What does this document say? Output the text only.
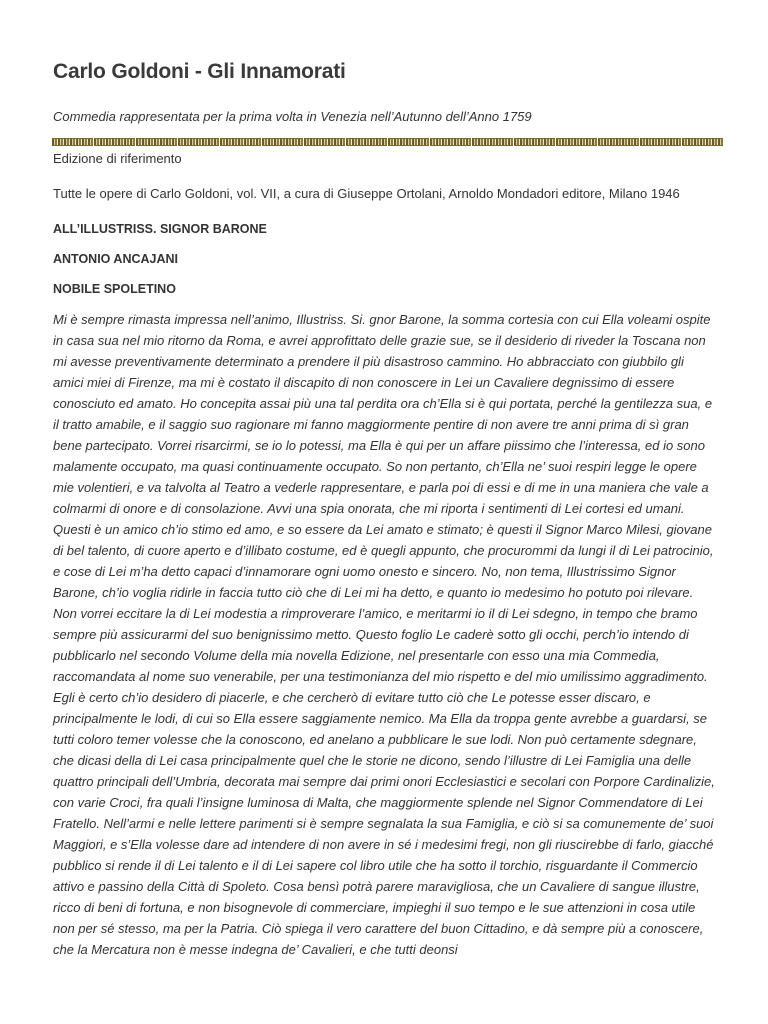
Carlo Goldoni - Gli Innamorati

Commedia rappresentata per la prima volta in Venezia nell’Autunno dell’Anno 1759

Edizione di riferimento

Tutte le opere di Carlo Goldoni, vol. VII, a cura di Giuseppe Ortolani, Arnoldo Mondadori editore, Milano 1946

ALL’ILLUSTRISS. SIGNOR BARONE

ANTONIO ANCAJANI

NOBILE SPOLETINO

Mi è sempre rimasta impressa nell’animo, Illustriss. Si. gnor Barone, la somma cortesia con cui Ella voleami ospite in casa sua nel mio ritorno da Roma, e avrei approfittato delle grazie sue, se il desiderio di riveder la Toscana non mi avesse preventivamente determinato a prendere il più disastroso cammino. Ho abbracciato con giubbilo gli amici miei di Firenze, ma mi è costato il discapito di non conoscere in Lei un Cavaliere degnissimo di essere conosciuto ed amato. Ho concepita assai più una tal perdita ora ch’Ella si è qui portata, perché la gentilezza sua, e il tratto amabile, e il saggio suo ragionare mi fanno maggiormente pentire di non avere tre anni prima di sì gran bene partecipato. Vorrei risarcirmi, se io lo potessi, ma Ella è qui per un affare piissimo che l’interessa, ed io sono malamente occupato, ma quasi continuamente occupato. So non pertanto, ch’Ella ne’ suoi respiri legge le opere mie volentieri, e va talvolta al Teatro a vederle rappresentare, e parla poi di essi e di me in una maniera che vale a colmarmi di onore e di consolazione. Avvi una spia onorata, che mi riporta i sentimenti di Lei cortesi ed umani. Questi è un amico ch’io stimo ed amo, e so essere da Lei amato e stimato; è questi il Signor Marco Milesi, giovane di bel talento, di cuore aperto e d’illibato costume, ed è quegli appunto, che procurommi da lungi il di Lei patrocinio, e cose di Lei m’ha detto capaci d’innamorare ogni uomo onesto e sincero. No, non tema, Illustrissimo Signor Barone, ch’io voglia ridirle in faccia tutto ciò che di Lei mi ha detto, e quanto io medesimo ho potuto poi rilevare. Non vorrei eccitare la di Lei modestia a rimproverare l’amico, e meritarmi io il di Lei sdegno, in tempo che bramo sempre più assicurarmi del suo benignissimo metto. Questo foglio Le caderè sotto gli occhi, perch’io intendo di pubblicarlo nel secondo Volume della mia novella Edizione, nel presentarle con esso una mia Commedia, raccomandata al nome suo venerabile, per una testimonianza del mio rispetto e del mio umilissimo aggradimento. Egli è certo ch’io desidero di piacerle, e che cercherò di evitare tutto ciò che Le potesse esser discaro, e principalmente le lodi, di cui so Ella essere saggiamente nemico. Ma Ella da troppa gente avrebbe a guardarsi, se tutti coloro temer volesse che la conoscono, ed anelano a pubblicare le sue lodi. Non può certamente sdegnare, che dicasi della di Lei casa principalmente quel che le storie ne dicono, sendo l’illustre di Lei Famiglia una delle quattro principali dell’Umbria, decorata mai sempre dai primi onori Ecclesiastici e secolari con Porpore Cardinalizie, con varie Croci, fra quali l’insigne luminosa di Malta, che maggiormente splende nel Signor Commendatore di Lei Fratello. Nell’armi e nelle lettere parimenti si è sempre segnalata la sua Famiglia, e ciò si sa comunemente de’ suoi Maggiori, e s’Ella volesse dare ad intendere di non avere in sé i medesimi fregi, non gli riuscirebbe di farlo, giacché pubblico si rende il di Lei talento e il di Lei sapere col libro utile che ha sotto il torchio, risguardante il Commercio attivo e passino della Città di Spoleto. Cosa bensì potrà parere maravigliosa, che un Cavaliere di sangue illustre, ricco di beni di fortuna, e non bisognevole di commerciare, impieghi il suo tempo e le sue attenzioni in cosa utile non per sé stesso, ma per la Patria. Ciò spiega il vero carattere del buon Cittadino, e dà sempre più a conoscere, che la Mercatura non è messe indegna de’ Cavalieri, e che tutti deonsi
